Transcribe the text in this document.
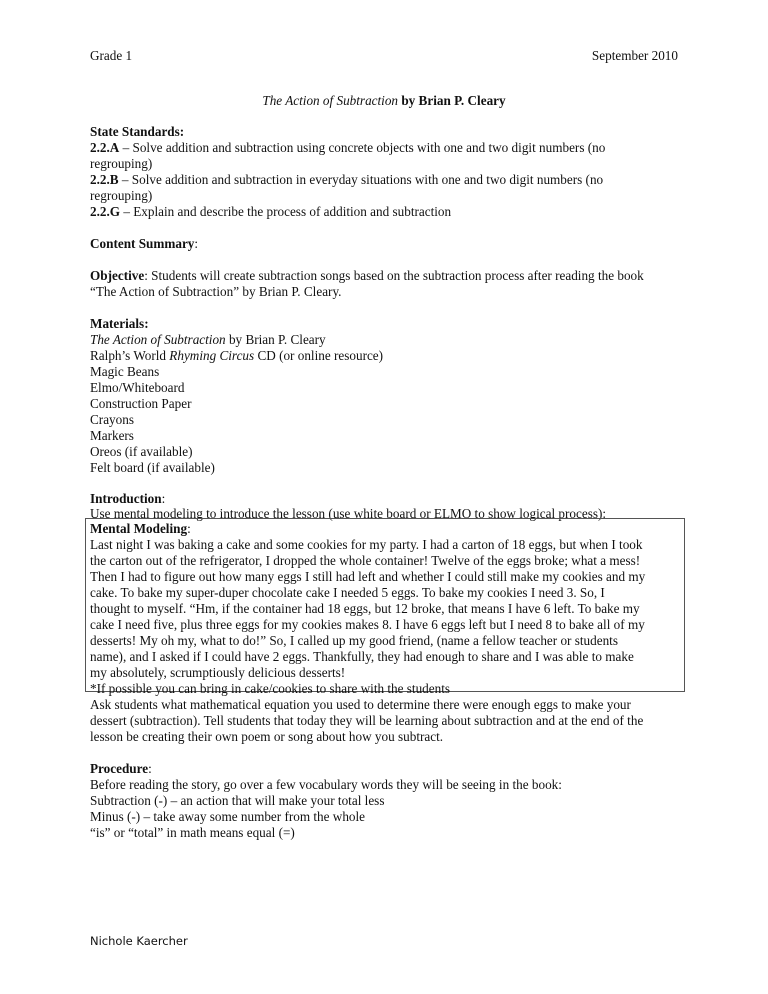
Grade 1	September 2010
The Action of Subtraction by Brian P. Cleary
State Standards:
2.2.A – Solve addition and subtraction using concrete objects with one and two digit numbers (no
regrouping)
2.2.B – Solve addition and subtraction in everyday situations with one and two digit numbers (no
regrouping)
2.2.G – Explain and describe the process of addition and subtraction
Content Summary:
Objective: Students will create subtraction songs based on the subtraction process after reading the book
“The Action of Subtraction” by Brian P. Cleary.
Materials:
The Action of Subtraction by Brian P. Cleary
Ralph’s World Rhyming Circus CD (or online resource)
Magic Beans
Elmo/Whiteboard
Construction Paper
Crayons
Markers
Oreos (if available)
Felt board (if available)
Introduction:
Use mental modeling to introduce the lesson (use white board or ELMO to show logical process):
Mental Modeling:
Last night I was baking a cake and some cookies for my party. I had a carton of 18 eggs, but when I took
the carton out of the refrigerator, I dropped the whole container! Twelve of the eggs broke; what a mess!
Then I had to figure out how many eggs I still had left and whether I could still make my cookies and my
cake. To bake my super-duper chocolate cake I needed 5 eggs. To bake my cookies I need 3. So, I
thought to myself. “Hm, if the container had 18 eggs, but 12 broke, that means I have 6 left. To bake my
cake I need five, plus three eggs for my cookies makes 8. I have 6 eggs left but I need 8 to bake all of my
desserts! My oh my, what to do!” So, I called up my good friend, (name a fellow teacher or students
name), and I asked if I could have 2 eggs. Thankfully, they had enough to share and I was able to make
my absolutely, scrumptiously delicious desserts!
*If possible you can bring in cake/cookies to share with the students
Ask students what mathematical equation you used to determine there were enough eggs to make your
dessert (subtraction). Tell students that today they will be learning about subtraction and at the end of the
lesson be creating their own poem or song about how you subtract.
Procedure:
Before reading the story, go over a few vocabulary words they will be seeing in the book:
Subtraction (-) – an action that will make your total less
Minus (-) – take away some number from the whole
“is” or “total” in math means equal (=)
Nichole Kaercher
